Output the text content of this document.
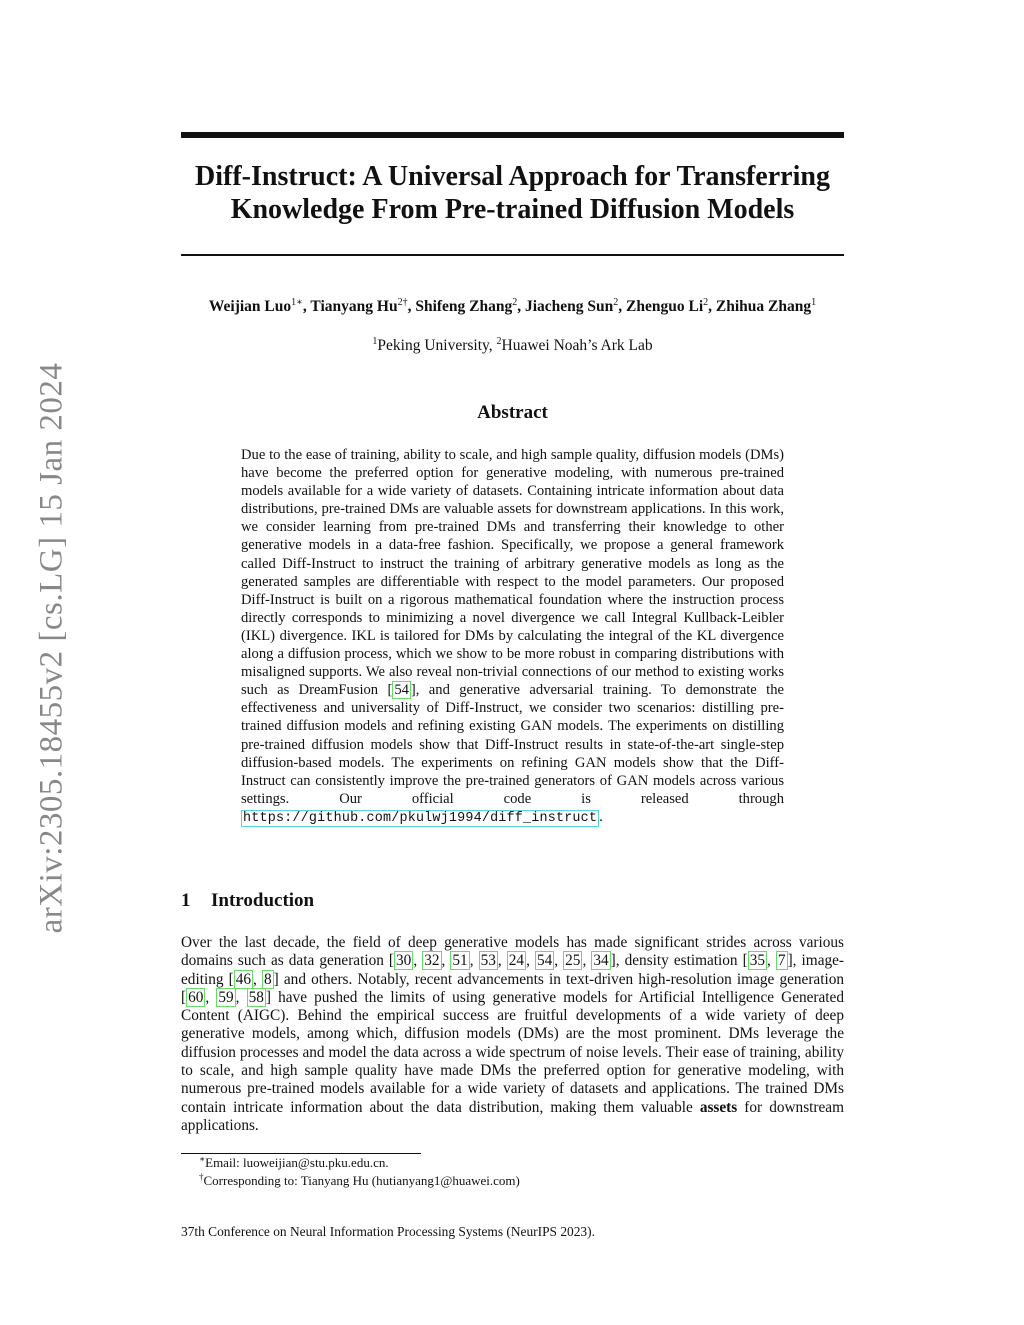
arXiv:2305.18455v2 [cs.LG] 15 Jan 2024
Diff-Instruct: A Universal Approach for Transferring
Knowledge From Pre-trained Diffusion Models
Weijian Luo$^{1∗}$, Tianyang $Hu^{2\dagger}$, Shifeng Zhang$^2$, Jiacheng Sun$^2$, Zhenguo Li$^2$, Zhihua Zhang$^1$
$^1$Peking University, $^2$Huawei Noah’s Ark Lab
Abstract

Due to the ease of training, ability to scale, and high sample quality, diffusion models (DMs) have become the preferred option for generative modeling, with numerous pre-trained models available for a wide variety of datasets. Containing intricate information about data distributions, pre-trained DMs are valuable assets for downstream applications. In this work, we consider learning from pre-trained DMs and transferring their knowledge to other generative models in a data-free fashion. Specifically, we propose a general framework called Diff-Instruct to instruct the training of arbitrary generative models as long as the generated samples are differentiable with respect to the model parameters. Our proposed Diff-Instruct is built on a rigorous mathematical foundation where the instruction process directly corresponds to minimizing a novel divergence we call Integral Kullback-Leibler (IKL) divergence. IKL is tailored for DMs by calculating the integral of the KL divergence along a diffusion process, which we show to be more robust in comparing distributions with misaligned supports. We also reveal non-trivial connections of our method to existing works such as DreamFusion [ 54 ], and generative adversarial training. To demonstrate the effectiveness and universality of Diff-Instruct, we consider two scenarios: distilling pre-trained diffusion models and refining existing GAN models. The experiments on distilling pre-trained diffusion models show that Diff-Instruct results in state-of-the-art single-step diffusion-based models. The experiments on refining GAN models show that the Diff-Instruct can consistently improve the pre-trained generators of GAN models across various settings. Our official code is released through https://github.com/pkulwj1994/diff_instruct .

1 Introduction

Over the last decade, the field of deep generative models has made significant strides across various domains such as data generation [ 30 , 32 , 51 , 53 , 24 , 54 , 25 , 34 ], density estimation [ 35 , 7 ], image-editing [ 46 , 8 ] and others. Notably, recent advancements in text-driven high-resolution image generation [ 60 , 59 , 58 ] have pushed the limits of using generative models for Artificial Intelligence Generated Content (AIGC). Behind the empirical success are fruitful developments of a wide variety of deep generative models, among which, diffusion models (DMs) are the most prominent. DMs leverage the diffusion processes and model the data across a wide spectrum of noise levels. Their ease of training, ability to scale, and high sample quality have made DMs the preferred option for generative modeling, with numerous pre-trained models available for a wide variety of datasets and applications. The trained DMs contain intricate information about the data distribution, making them valuable assets for downstream applications.

∗Email: luoweijian@stu.pku.edu.cn.

†Corresponding to: Tianyang Hu (hutianyang1@huawei.com)

37th Conference on Neural Information Processing Systems (NeurIPS 2023).
